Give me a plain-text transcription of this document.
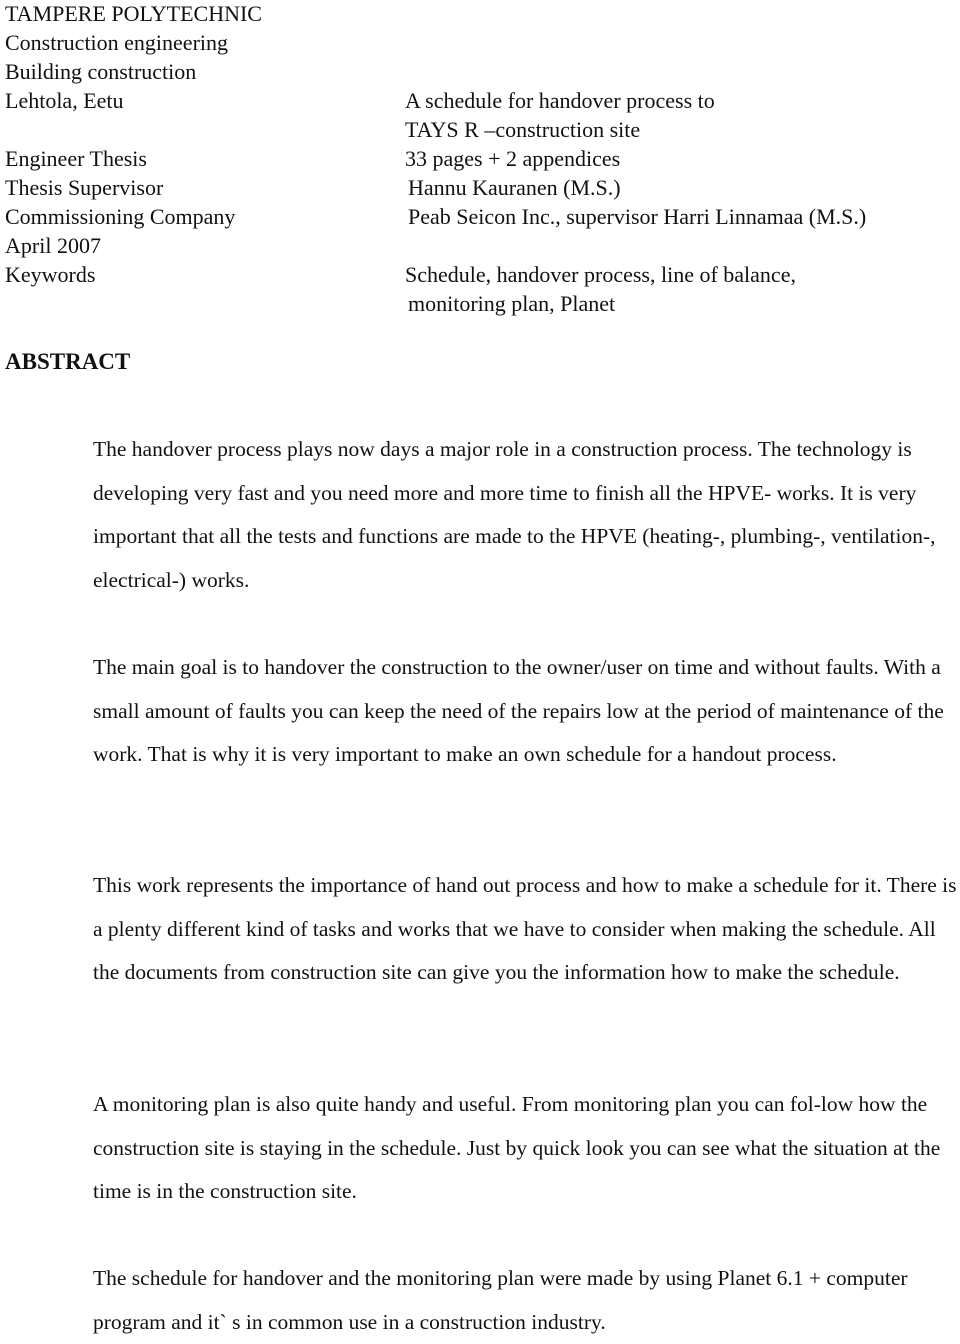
TAMPERE POLYTECHNIC
Construction engineering
Building construction
Lehtola, Eetu
Engineer Thesis
Thesis Supervisor
Commissioning Company
April 2007
Keywords
A schedule for handover process to
TAYS R –construction site
33 pages + 2 appendices
Hannu Kauranen (M.S.)
Peab Seicon Inc., supervisor Harri Linnamaa (M.S.)
Schedule, handover process, line of balance,
monitoring plan, Planet
ABSTRACT
The handover process plays now days a major role in a construction process. The technology is developing very fast and you need more and more time to finish all the HPVE- works. It is very important that all the tests and functions are made to the HPVE (heating-, plumbing-, ventilation-, electrical-) works.
The main goal is to handover the construction to the owner/user on time and without faults. With a small amount of faults you can keep the need of the repairs low at the period of maintenance of the work. That is why it is very important to make an own schedule for a handout process.
This work represents the importance of hand out process and how to make a schedule for it. There is a plenty different kind of tasks and works that we have to consider when making the schedule. All the documents from construction site can give you the information how to make the schedule.
A monitoring plan is also quite handy and useful. From monitoring plan you can fol-low how the construction site is staying in the schedule. Just by quick look you can see what the situation at the time is in the construction site.
The schedule for handover and the monitoring plan were made by using Planet 6.1 + computer program and it` s in common use in a construction industry.
